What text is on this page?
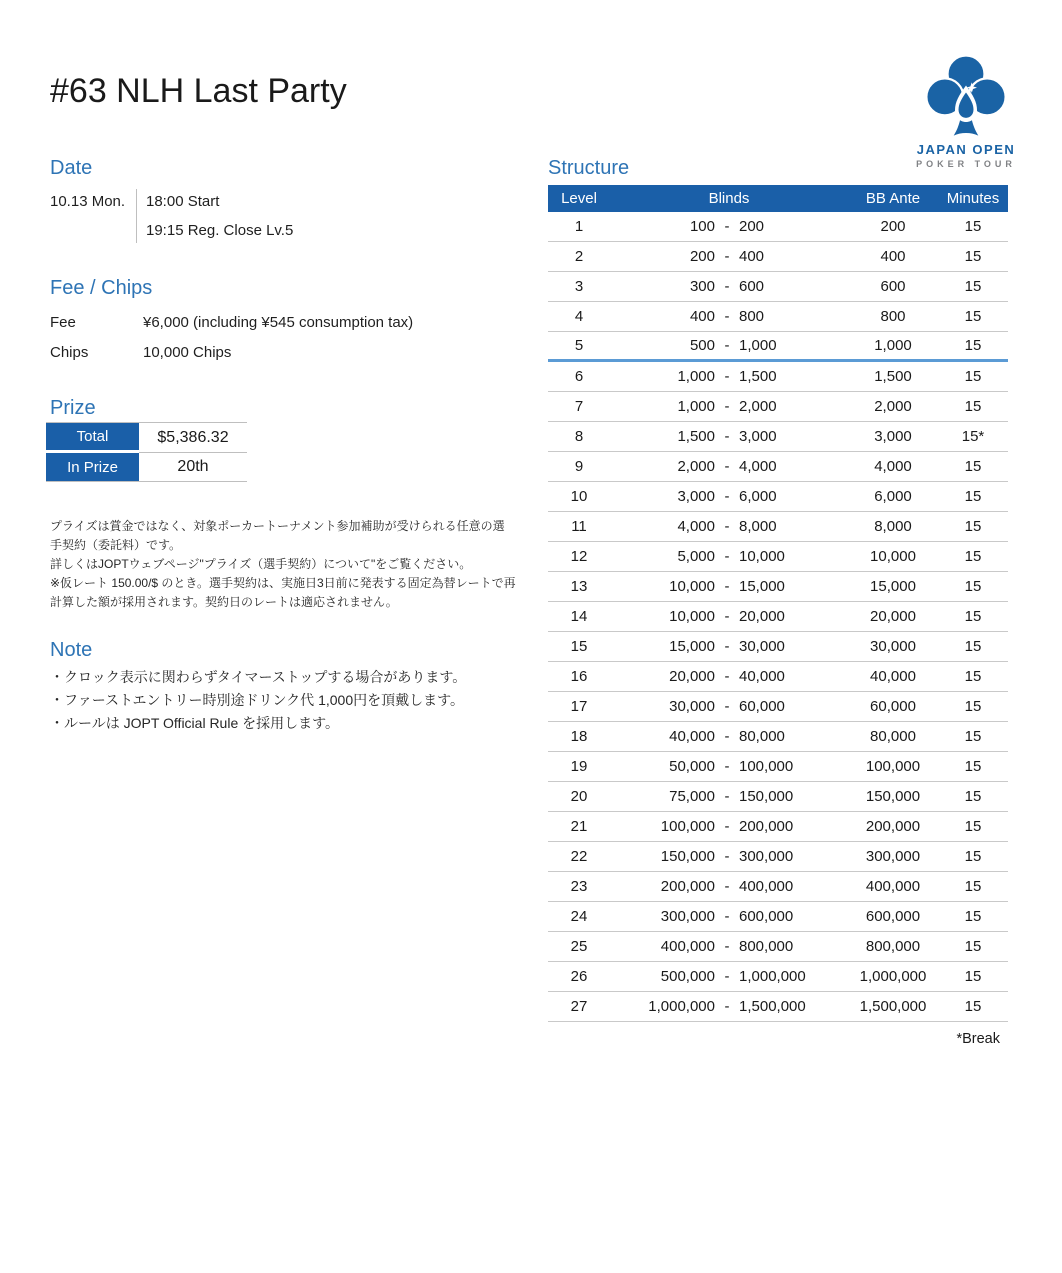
#63 NLH Last Party
JAPAN OPEN
POKER TOUR
Date
10.13 Mon.	18:00 Start
19:15 Reg. Close Lv.5
Fee / Chips
Fee	¥6,000 (including ¥545 consumption tax)
Chips	10,000 Chips
Prize
Total	$5,386.32
In Prize	20th

プライズは賞金ではなく、対象ポーカートーナメント参加補助が受けられる任意の選手契約（委託料）です。

詳しくはJOPTウェブページ"プライズ（選手契約）について"をご覧ください。

※仮レート 150.00/$ のとき。選手契約は、実施日3日前に発表する固定為替レートで再計算した額が採用されます。契約日のレートは適応されません。

Note
・クロック表示に関わらずタイマーストップする場合があります。
・ファーストエントリー時別途ドリンク代 1,000円を頂戴します。
・ルールは JOPT Official Rule を採用します。
Structure
Level	Blinds	BB Ante	Minutes
1	100 - 200	200	15
2	200 - 400	400	15
3	300 - 600	600	15
4	400 - 800	800	15
5	500 - 1,000	1,000	15
6	1,000 - 1,500	1,500	15
7	1,000 - 2,000	2,000	15
8	1,500 - 3,000	3,000	15*
9	2,000 - 4,000	4,000	15
10	3,000 - 6,000	6,000	15
11	4,000 - 8,000	8,000	15
12	5,000 - 10,000	10,000	15
13	10,000 - 15,000	15,000	15
14	10,000 - 20,000	20,000	15
15	15,000 - 30,000	30,000	15
16	20,000 - 40,000	40,000	15
17	30,000 - 60,000	60,000	15
18	40,000 - 80,000	80,000	15
19	50,000 - 100,000	100,000	15
20	75,000 - 150,000	150,000	15
21	100,000 - 200,000	200,000	15
22	150,000 - 300,000	300,000	15
23	200,000 - 400,000	400,000	15
24	300,000 - 600,000	600,000	15
25	400,000 - 800,000	800,000	15
26	500,000 - 1,000,000	1,000,000	15
27	1,000,000 - 1,500,000	1,500,000	15
*Break
